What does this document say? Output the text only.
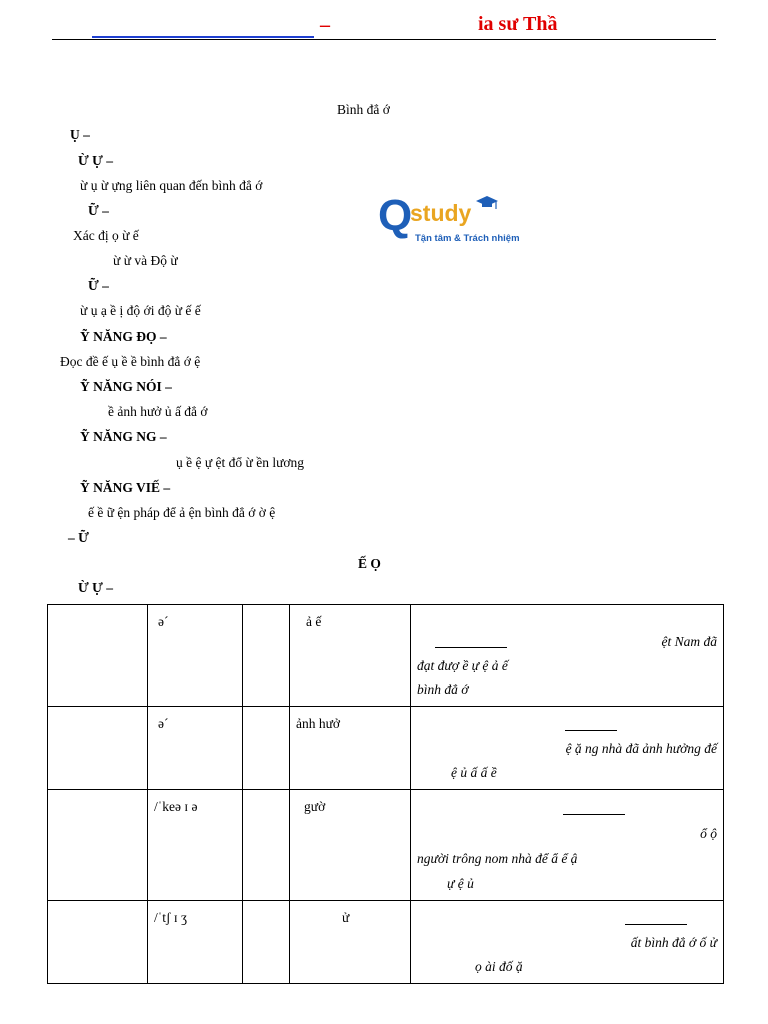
–	ia sư Thầ
Bình đẳ ớ
Ụ –
Ừ Ự –
ừ ụ ừ ựng liên quan đến bình đẳ ớ
Ữ –
Xác đị ọ ừ ế
ừ ừ và Độ ừ
Ữ –
ừ ụ ạ ề ị độ ới độ ừ ế ế
Ỹ NĂNG ĐỌ –
Đọc đề ế ụ ề ề bình đẳ ớ ệ
Ỹ NĂNG NÓI –
ề ảnh hưở ủ ấ đẳ ớ
Ỹ NĂNG NG –
ụ ề ệ ự ệt đổ ừ ền lương
Ỹ NĂNG VIẾ –
ế ề ữ ện pháp để ả ện bình đẳ ớ ờ ệ
– Ữ
Ế Ọ
Ừ Ự –
Q
study
Tận tâm & Trách nhiệm
	ə´		ả ế	ệt Nam đã
đạt đượ ề ự ệ ả ế
bình đẳ ớ

	ə´		ảnh hưở	ệ ặ ng nhà đã ảnh hưởng đế
ệ ủ ấ ấ ề

	/ˈkeə ɪ ə		gườ	ổ ộ
người trông nom nhà để ẩ ể ậ
ự ệ ủ

	/ˈtʃ ɪ ʒ		ử	ất bình đẳ ớ ố ử
ọ ài đố ặ
